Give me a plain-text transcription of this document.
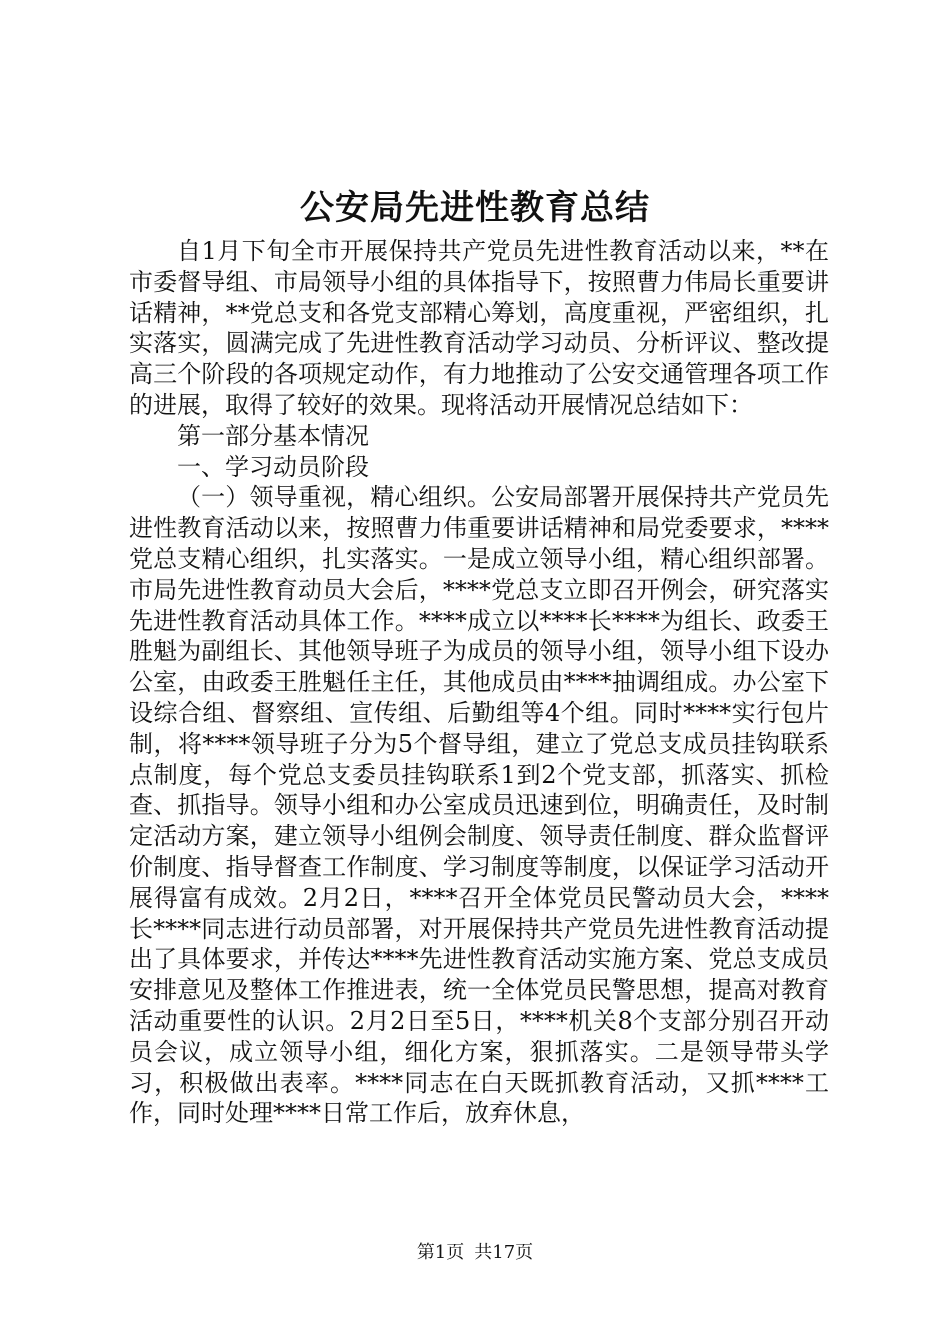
公安局先进性教育总结

自1月下旬全市开展保持共产党员先进性教育活动以来，**在市委督导组、市局领导小组的具体指导下，按照曹力伟局长重要讲话精神，**党总支和各党支部精心筹划，高度重视，严密组织，扎实落实，圆满完成了先进性教育活动学习动员、分析评议、整改提高三个阶段的各项规定动作，有力地推动了公安交通管理各项工作的进展，取得了较好的效果。现将活动开展情况总结如下：

第一部分基本情况

一、学习动员阶段

（一）领导重视，精心组织。公安局部署开展保持共产党员先进性教育活动以来，按照曹力伟重要讲话精神和局党委要求，****党总支精心组织，扎实落实。一是成立领导小组，精心组织部署。市局先进性教育动员大会后，****党总支立即召开例会，研究落实先进性教育活动具体工作。****成立以****长****为组长、政委王胜魁为副组长、其他领导班子为成员的领导小组，领导小组下设办公室，由政委王胜魁任主任，其他成员由****抽调组成。办公室下设综合组、督察组、宣传组、后勤组等4个组。同时****实行包片制，将****领导班子分为5个督导组，建立了党总支成员挂钩联系点制度，每个党总支委员挂钩联系1到2个党支部，抓落实、抓检查、抓指导。领导小组和办公室成员迅速到位，明确责任，及时制定活动方案，建立领导小组例会制度、领导责任制度、群众监督评价制度、指导督查工作制度、学习制度等制度，以保证学习活动开展得富有成效。2月2日，****召开全体党员民警动员大会，****长****同志进行动员部署，对开展保持共产党员先进性教育活动提出了具体要求，并传达****先进性教育活动实施方案、党总支成员安排意见及整体工作推进表，统一全体党员民警思想，提高对教育活动重要性的认识。2月2日至5日，****机关8个支部分别召开动员会议，成立领导小组，细化方案，狠抓落实。二是领导带头学习，积极做出表率。****同志在白天既抓教育活动，又抓****工作，同时处理****日常工作后，放弃休息，

第1页 共17页
